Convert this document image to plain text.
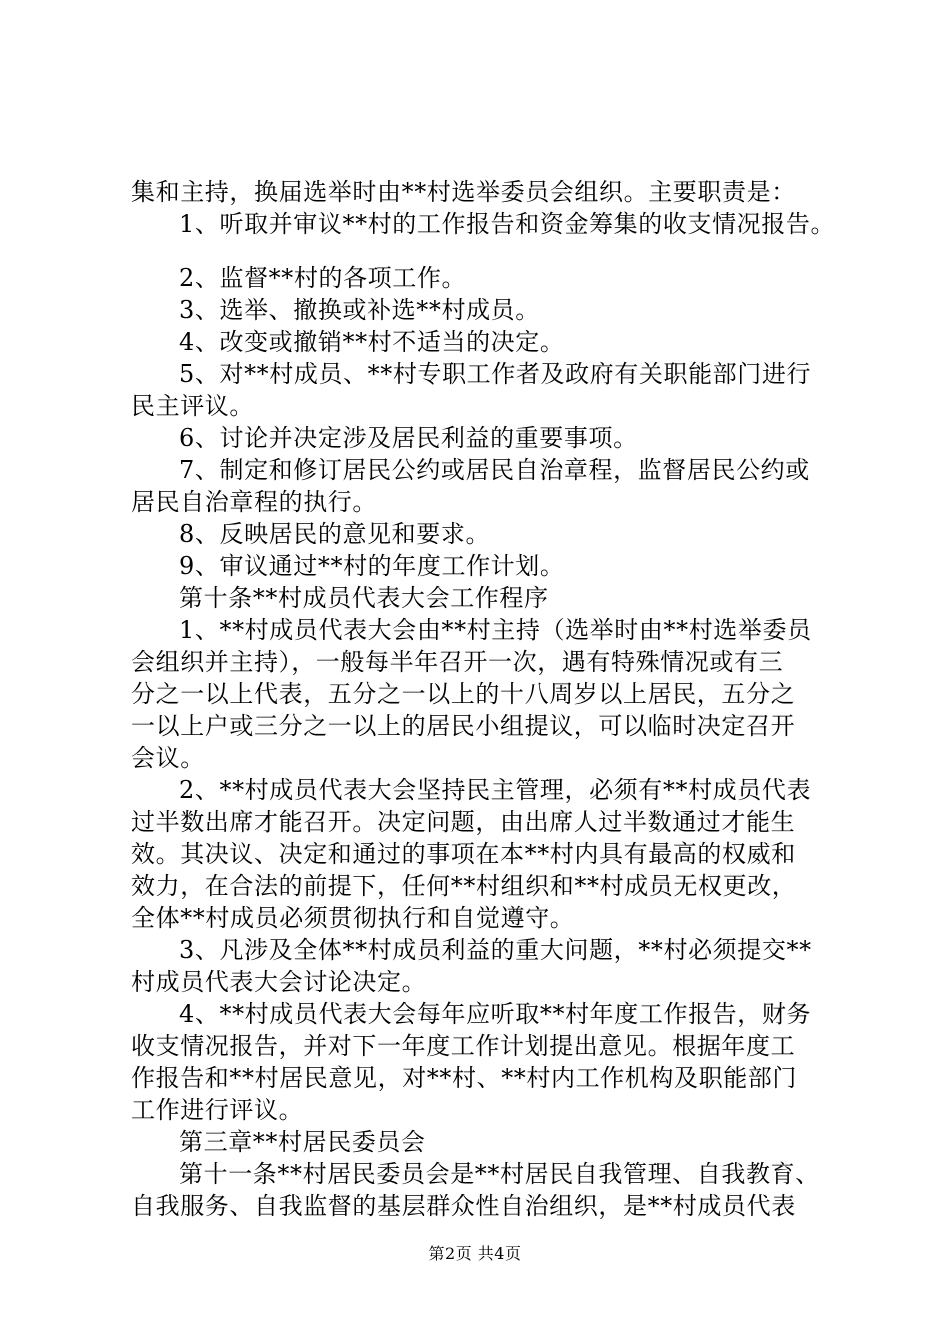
集和主持，换届选举时由**村选举委员会组织。主要职责是：
1、听取并审议**村的工作报告和资金筹集的收支情况报告。
2、监督**村的各项工作。
3、选举、撤换或补选**村成员。
4、改变或撤销**村不适当的决定。
5、对**村成员、**村专职工作者及政府有关职能部门进行
民主评议。
6、讨论并决定涉及居民利益的重要事项。
7、制定和修订居民公约或居民自治章程，监督居民公约或
居民自治章程的执行。
8、反映居民的意见和要求。
9、审议通过**村的年度工作计划。
第十条**村成员代表大会工作程序
1、**村成员代表大会由**村主持（选举时由**村选举委员
会组织并主持），一般每半年召开一次，遇有特殊情况或有三
分之一以上代表，五分之一以上的十八周岁以上居民，五分之
一以上户或三分之一以上的居民小组提议，可以临时决定召开
会议。
2、**村成员代表大会坚持民主管理，必须有**村成员代表
过半数出席才能召开。决定问题，由出席人过半数通过才能生
效。其决议、决定和通过的事项在本**村内具有最高的权威和
效力，在合法的前提下，任何**村组织和**村成员无权更改，
全体**村成员必须贯彻执行和自觉遵守。
3、凡涉及全体**村成员利益的重大问题，**村必须提交**
村成员代表大会讨论决定。
4、**村成员代表大会每年应听取**村年度工作报告，财务
收支情况报告，并对下一年度工作计划提出意见。根据年度工
作报告和**村居民意见，对**村、**村内工作机构及职能部门
工作进行评议。
第三章**村居民委员会
第十一条**村居民委员会是**村居民自我管理、自我教育、
自我服务、自我监督的基层群众性自治组织，是**村成员代表
第2页 共4页
